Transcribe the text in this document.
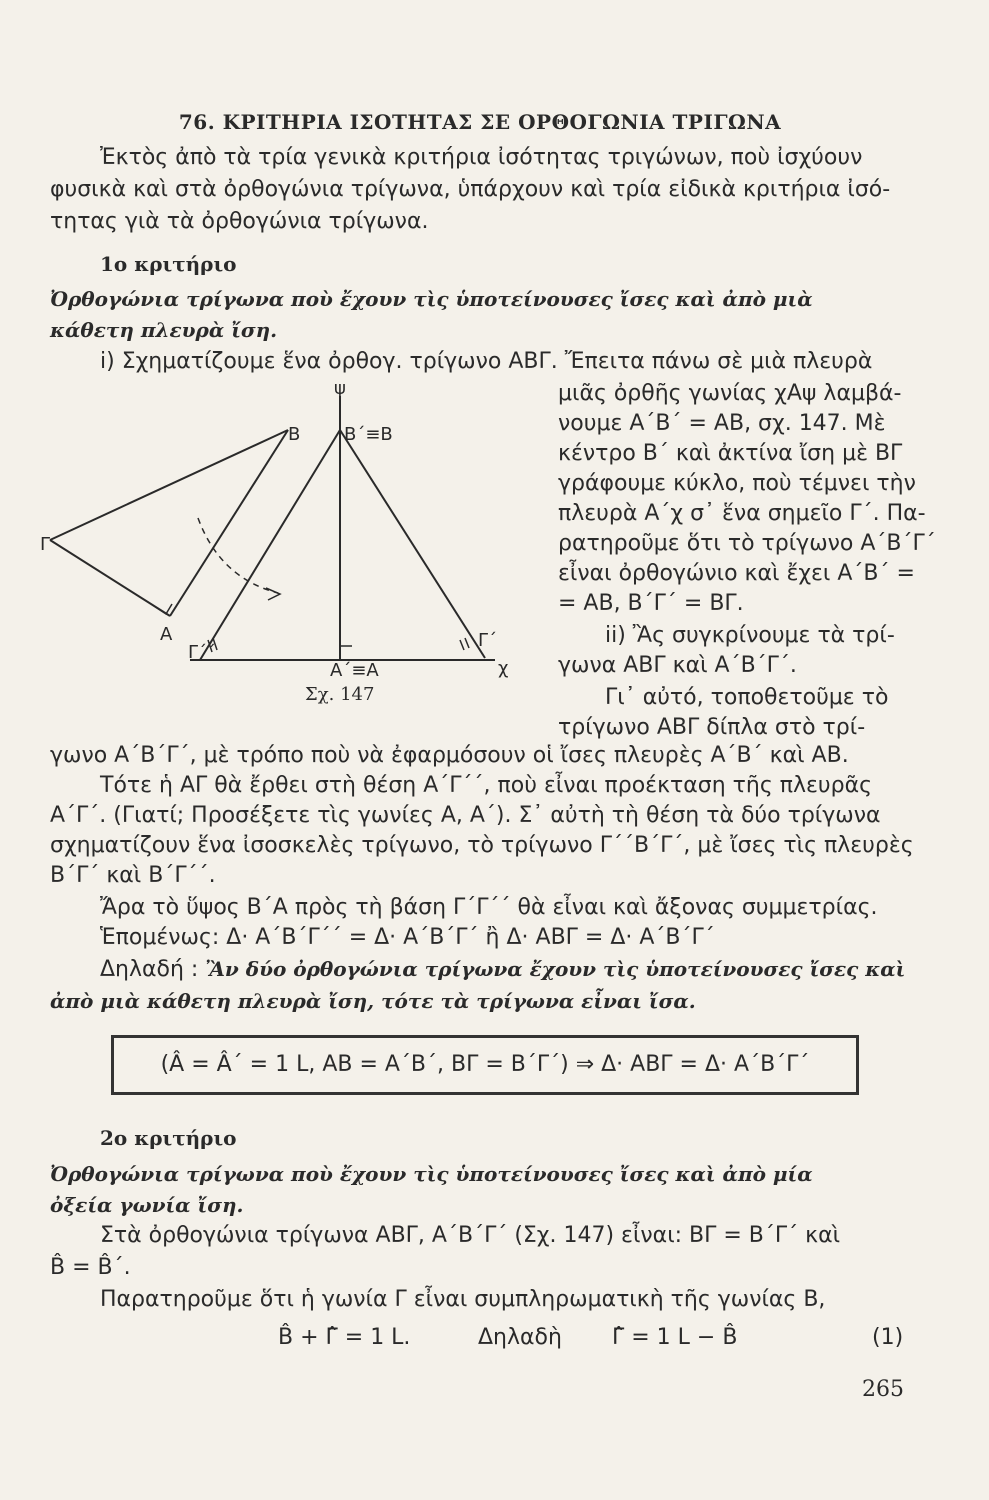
76. ΚΡΙΤΗΡΙΑ ΙΣΟΤΗΤΑΣ ΣΕ ΟΡΘΟΓΩΝΙΑ ΤΡΙΓΩΝΑ
Ἐκτὸς ἀπὸ τὰ τρία γενικὰ κριτήρια ἰσότητας τριγώνων, ποὺ ἰσχύουν
φυσικὰ καὶ στὰ ὀρθογώνια τρίγωνα, ὑπάρχουν καὶ τρία εἰδικὰ κριτήρια ἰσό-
τητας γιὰ τὰ ὀρθογώνια τρίγωνα.
1ο κριτήριο
Ὀρθογώνια τρίγωνα ποὺ ἔχουν τὶς ὑποτείνουσες ἴσες καὶ ἀπὸ μιὰ
κάθετη πλευρὰ ἴση.
i) Σχηματίζουμε ἕνα ὀρθογ. τρίγωνο ΑΒΓ. Ἔπειτα πάνω σὲ μιὰ πλευρὰ
μιᾶς ὀρθῆς γωνίας χΑψ λαμβά-
νουμε Α΄Β΄ = ΑΒ, σχ. 147. Μὲ
κέντρο Β΄ καὶ ἀκτίνα ἴση μὲ ΒΓ
γράφουμε κύκλο, ποὺ τέμνει τὴν
πλευρὰ Α΄χ σ᾽ ἕνα σημεῖο Γ΄. Πα-
ρατηροῦμε ὅτι τὸ τρίγωνο Α΄Β΄Γ΄
εἶναι ὀρθογώνιο καὶ ἔχει Α΄Β΄ =
= ΑΒ, Β΄Γ΄ = ΒΓ.
ii) Ἂς συγκρίνουμε τὰ τρί-
γωνα ΑΒΓ καὶ Α΄Β΄Γ΄.
Γι᾽ αὐτό, τοποθετοῦμε τὸ
τρίγωνο ΑΒΓ δίπλα στὸ τρί-
ψ
Β Β΄≡Β
Γ
Α
Γ΄΄
Γ΄
Α΄≡Α	χ
Σχ. 147
γωνο Α΄Β΄Γ΄, μὲ τρόπο ποὺ νὰ ἐφαρμόσουν οἱ ἴσες πλευρὲς Α΄Β΄ καὶ ΑΒ.
Τότε ἡ ΑΓ θὰ ἔρθει στὴ θέση Α΄Γ΄΄, ποὺ εἶναι προέκταση τῆς πλευρᾶς
Α΄Γ΄. (Γιατί; Προσέξετε τὶς γωνίες Α, Α΄). Σ᾽ αὐτὴ τὴ θέση τὰ δύο τρίγωνα
σχηματίζουν ἕνα ἰσοσκελὲς τρίγωνο, τὸ τρίγωνο Γ΄΄Β΄Γ΄, μὲ ἴσες τὶς πλευρὲς
Β΄Γ΄ καὶ Β΄Γ΄΄.
Ἄρα τὸ ὕψος Β΄Α πρὸς τὴ βάση Γ΄Γ΄΄ θὰ εἶναι καὶ ἄξονας συμμετρίας.
Ἑπομένως: Δ· Α΄Β΄Γ΄΄ = Δ· Α΄Β΄Γ΄ ἢ Δ· ΑΒΓ = Δ· Α΄Β΄Γ΄
Δηλαδή : Ἂν δύο ὀρθογώνια τρίγωνα ἔχουν τὶς ὑποτείνουσες ἴσες καὶ
ἀπὸ μιὰ κάθετη πλευρὰ ἴση, τότε τὰ τρίγωνα εἶναι ἴσα.
(Â = Â΄ = 1 L, ΑΒ = Α΄Β΄, ΒΓ = Β΄Γ΄) ⇒ Δ· ΑΒΓ = Δ· Α΄Β΄Γ΄
2ο κριτήριο
Ὀρθογώνια τρίγωνα ποὺ ἔχουν τὶς ὑποτείνουσες ἴσες καὶ ἀπὸ μία
ὀξεία γωνία ἴση.
Στὰ ὀρθογώνια τρίγωνα ΑΒΓ, Α΄Β΄Γ΄ (Σχ. 147) εἶναι: ΒΓ = Β΄Γ΄ καὶ
B̂ = B̂΄.
Παρατηροῦμε ὅτι ἡ γωνία Γ εἶναι συμπληρωματικὴ τῆς γωνίας Β,
B̂ + Γ̂ = 1 L.	Δηλαδὴ	Γ̂ = 1 L − B̂	(1)
265
